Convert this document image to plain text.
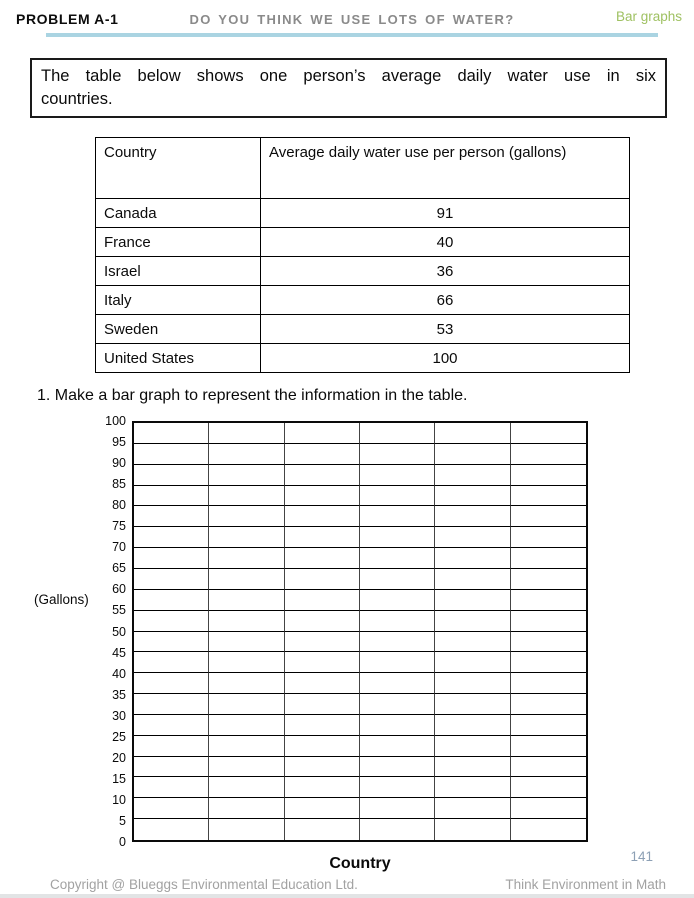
PROBLEM A-1	DO YOU THINK WE USE LOTS OF WATER?	Bar graphs
The table below shows one person’s average daily water use in six
countries.
Country	Average daily water use per person (gallons)
Canada	91
France	40
Israel	36
Italy	66
Sweden	53
United States	100
1. Make a bar graph to represent the information in the table.
100
95
90
85
80
75
70
65
60
55
50
45
40
35
30
25
20
15
10
5
0
(Gallons)
Country	141
Copyright @ Blueggs Environmental Education Ltd.	Think Environment in Math
